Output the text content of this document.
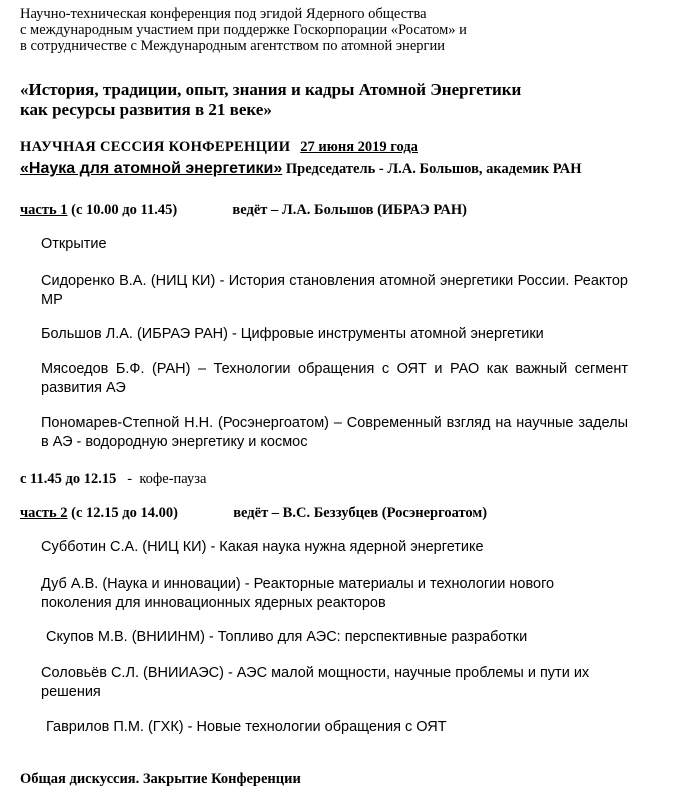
Научно-техническая конференция под эгидой Ядерного общества
с международным участием при поддержке Госкорпорации «Росатом» и
в сотрудничестве с Международным агентством по атомной энергии
«История, традиции, опыт, знания и кадры Атомной Энергетики
как ресурсы развития в 21 веке»
НАУЧНАЯ СЕССИЯ КОНФЕРЕНЦИИ 27 июня 2019 года
«Наука для атомной энергетики» Председатель - Л.А. Большов, академик РАН
часть 1 (с 10.00 до 11.45)	ведёт – Л.А. Большов (ИБРАЭ РАН)
Открытие
Сидоренко В.А. (НИЦ КИ) - История становления атомной энергетики России. Реактор МР
Большов Л.А. (ИБРАЭ РАН) - Цифровые инструменты атомной энергетики
Мясоедов Б.Ф. (РАН) – Технологии обращения с ОЯТ и РАО как важный сегмент развития АЭ
Пономарев-Степной Н.Н. (Росэнергоатом) – Современный взгляд на научные заделы в АЭ - водородную энергетику и космос
с 11.45 до 12.15   -  кофе-пауза
часть 2 (с 12.15 до 14.00)	ведёт – В.С. Беззубцев (Росэнергоатом)
Субботин С.А. (НИЦ КИ) - Какая наука нужна ядерной энергетике
Дуб А.В. (Наука и инновации) - Реакторные материалы и технологии нового поколения для инновационных ядерных реакторов
Скупов М.В. (ВНИИНМ) - Топливо для АЭС: перспективные разработки
Соловьёв С.Л. (ВНИИАЭС) - АЭС малой мощности, научные проблемы и пути их решения
Гаврилов П.М. (ГХК) - Новые технологии обращения с ОЯТ
Общая дискуссия. Закрытие Конференции
